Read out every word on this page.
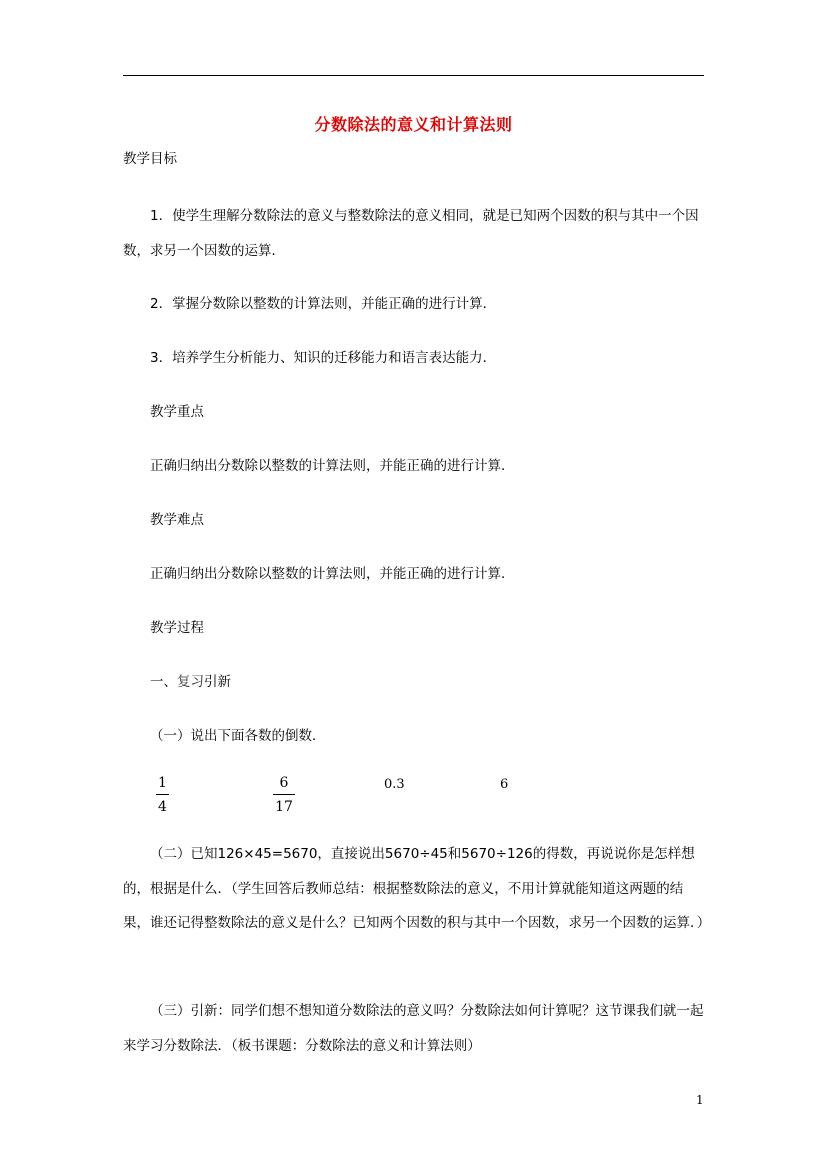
分数除法的意义和计算法则
教学目标
1．使学生理解分数除法的意义与整数除法的意义相同，就是已知两个因数的积与其中一个因数，求另一个因数的运算．
2．掌握分数除以整数的计算法则，并能正确的进行计算．
3．培养学生分析能力、知识的迁移能力和语言表达能力．
教学重点
正确归纳出分数除以整数的计算法则，并能正确的进行计算．
教学难点
正确归纳出分数除以整数的计算法则，并能正确的进行计算．
教学过程
一、复习引新
（一）说出下面各数的倒数．
1
4
6
17
0.3	6
（二）已知126×45=5670，直接说出5670÷45和5670÷126的得数，再说说你是怎样想的，根据是什么．（学生回答后教师总结：根据整数除法的意义，不用计算就能知道这两题的结果，谁还记得整数除法的意义是什么？已知两个因数的积与其中一个因数，求另一个因数的运算．）
（三）引新：同学们想不想知道分数除法的意义吗？分数除法如何计算呢？这节课我们就一起来学习分数除法．（板书课题：分数除法的意义和计算法则）
1
